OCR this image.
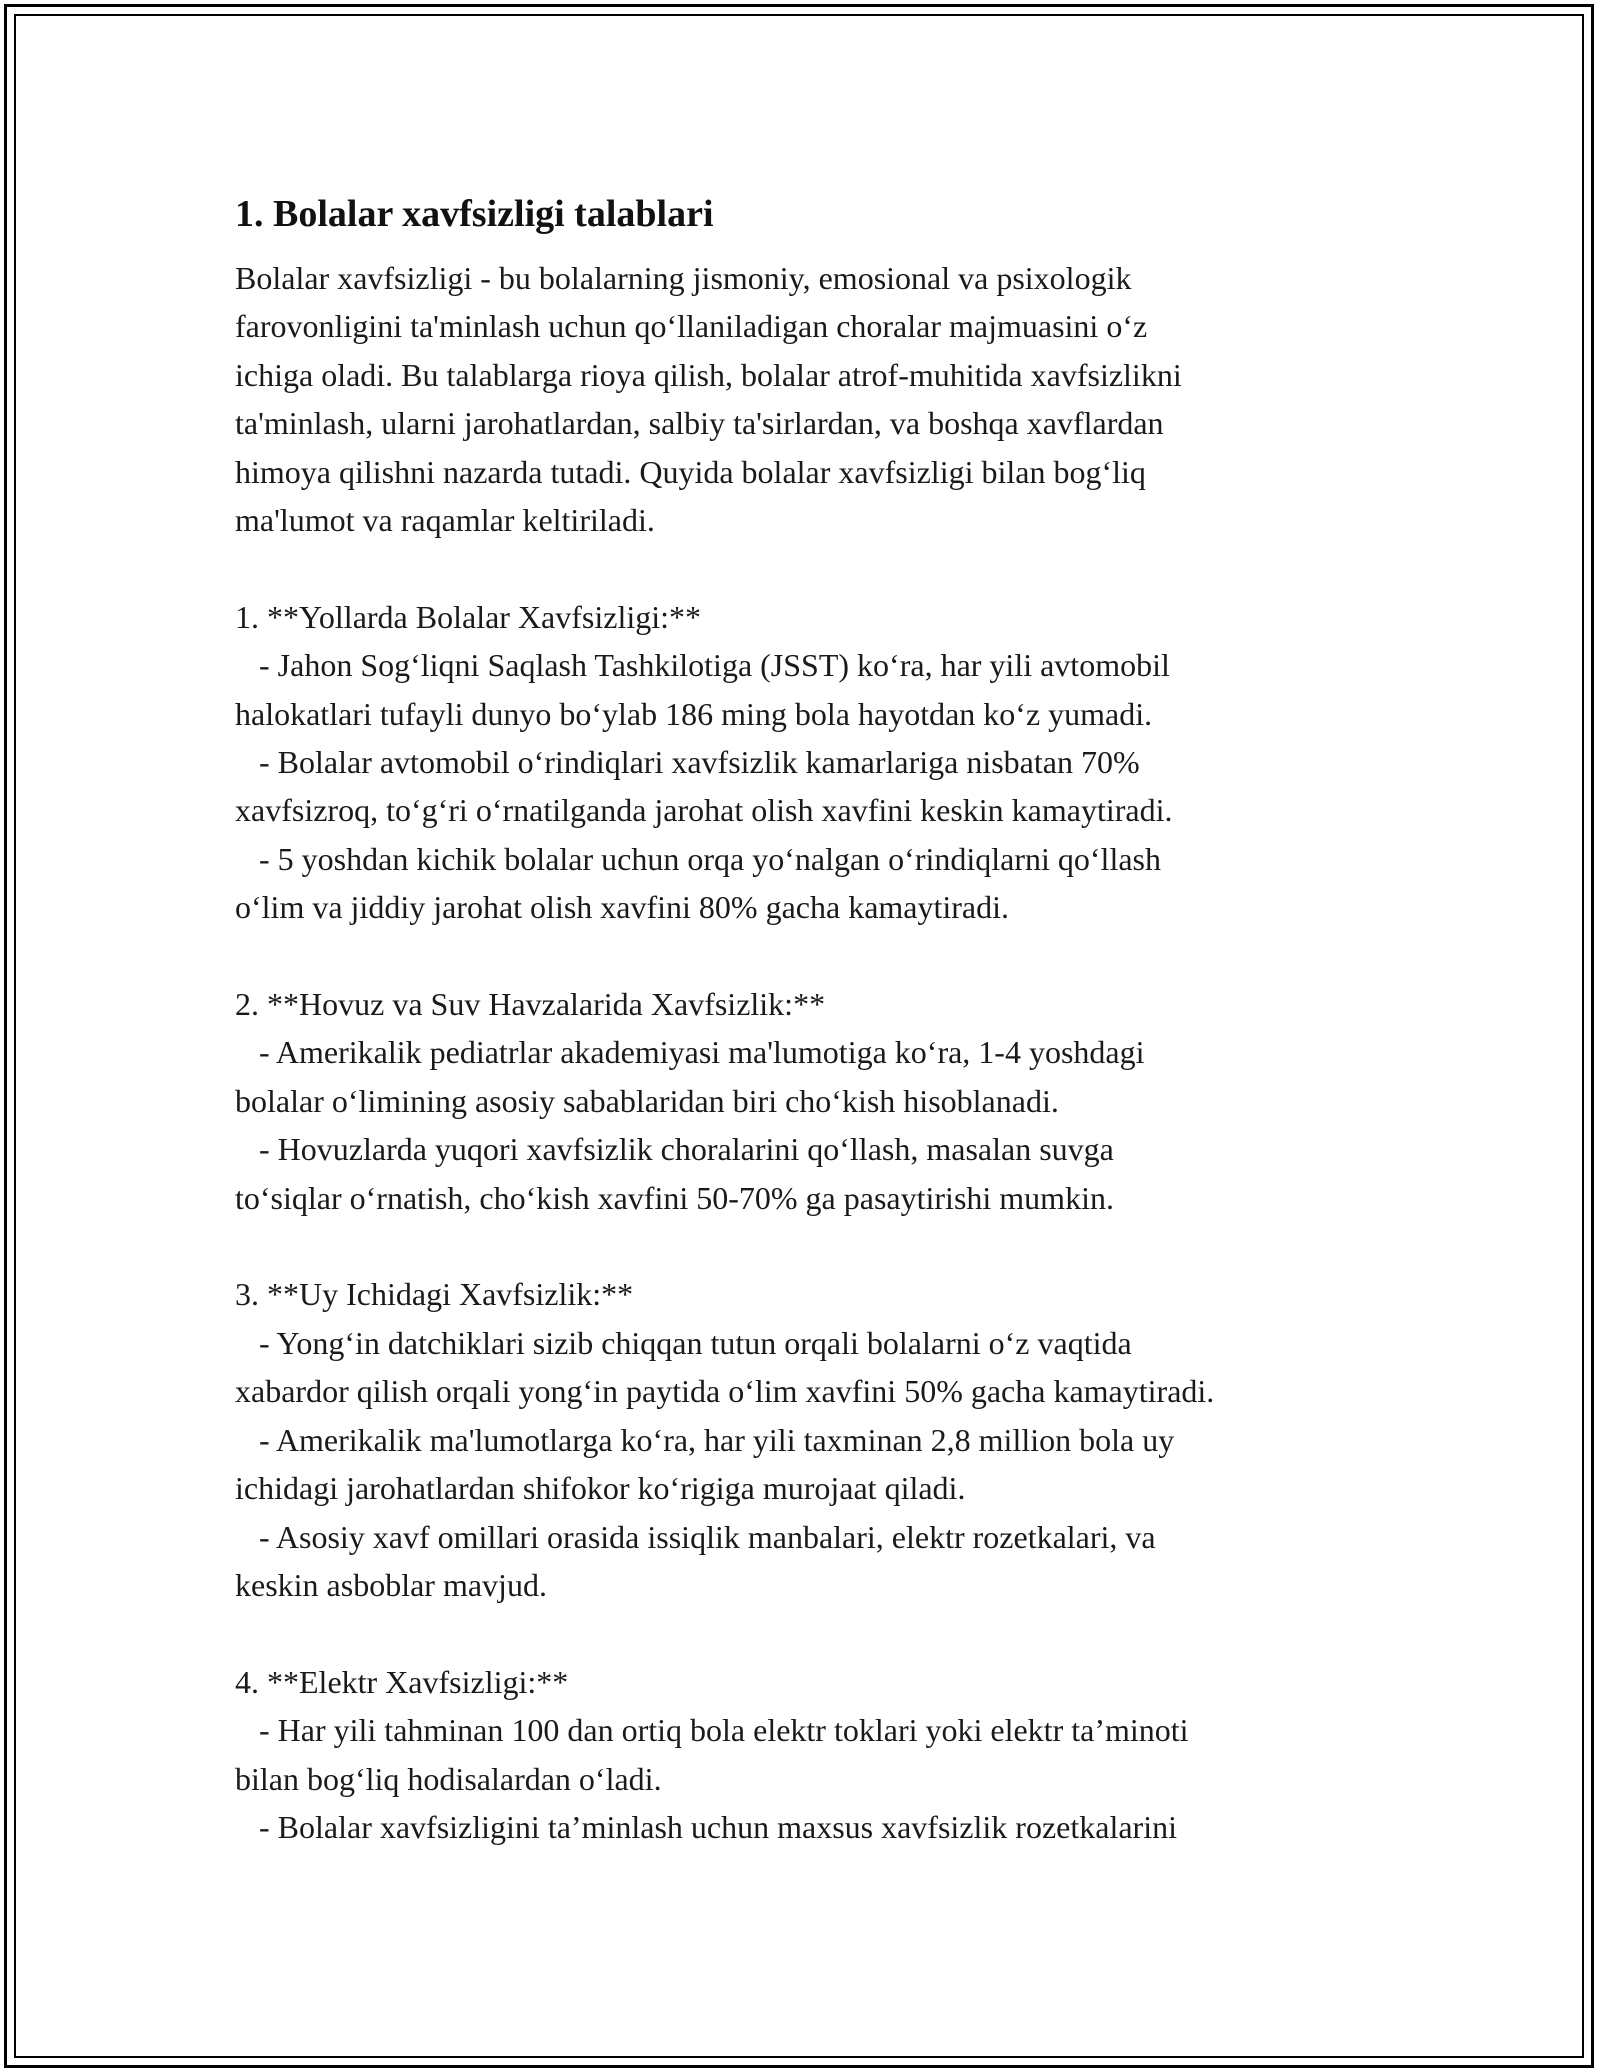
1. Bolalar xavfsizligi talablari

Bolalar xavfsizligi - bu bolalarning jismoniy, emosional va psixologik
farovonligini ta'minlash uchun qo‘llaniladigan choralar majmuasini o‘z
ichiga oladi. Bu talablarga rioya qilish, bolalar atrof-muhitida xavfsizlikni
ta'minlash, ularni jarohatlardan, salbiy ta'sirlardan, va boshqa xavflardan
himoya qilishni nazarda tutadi. Quyida bolalar xavfsizligi bilan bog‘liq
ma'lumot va raqamlar keltiriladi.

1. **Yollarda Bolalar Xavfsizligi:**

- Jahon Sog‘liqni Saqlash Tashkilotiga (JSST) ko‘ra, har yili avtomobil
halokatlari tufayli dunyo bo‘ylab 186 ming bola hayotdan ko‘z yumadi.
- Bolalar avtomobil o‘rindiqlari xavfsizlik kamarlariga nisbatan 70%
xavfsizroq, to‘g‘ri o‘rnatilganda jarohat olish xavfini keskin kamaytiradi.
- 5 yoshdan kichik bolalar uchun orqa yo‘nalgan o‘rindiqlarni qo‘llash
o‘lim va jiddiy jarohat olish xavfini 80% gacha kamaytiradi.

2. **Hovuz va Suv Havzalarida Xavfsizlik:**

- Amerikalik pediatrlar akademiyasi ma'lumotiga ko‘ra, 1-4 yoshdagi
bolalar o‘limining asosiy sabablaridan biri cho‘kish hisoblanadi.
- Hovuzlarda yuqori xavfsizlik choralarini qo‘llash, masalan suvga
to‘siqlar o‘rnatish, cho‘kish xavfini 50-70% ga pasaytirishi mumkin.

3. **Uy Ichidagi Xavfsizlik:**

- Yong‘in datchiklari sizib chiqqan tutun orqali bolalarni o‘z vaqtida
xabardor qilish orqali yong‘in paytida o‘lim xavfini 50% gacha kamaytiradi.
- Amerikalik ma'lumotlarga ko‘ra, har yili taxminan 2,8 million bola uy
ichidagi jarohatlardan shifokor ko‘rigiga murojaat qiladi.
- Asosiy xavf omillari orasida issiqlik manbalari, elektr rozetkalari, va
keskin asboblar mavjud.

4. **Elektr Xavfsizligi:**

- Har yili tahminan 100 dan ortiq bola elektr toklari yoki elektr ta’minoti
bilan bog‘liq hodisalardan o‘ladi.
- Bolalar xavfsizligini ta’minlash uchun maxsus xavfsizlik rozetkalarini
